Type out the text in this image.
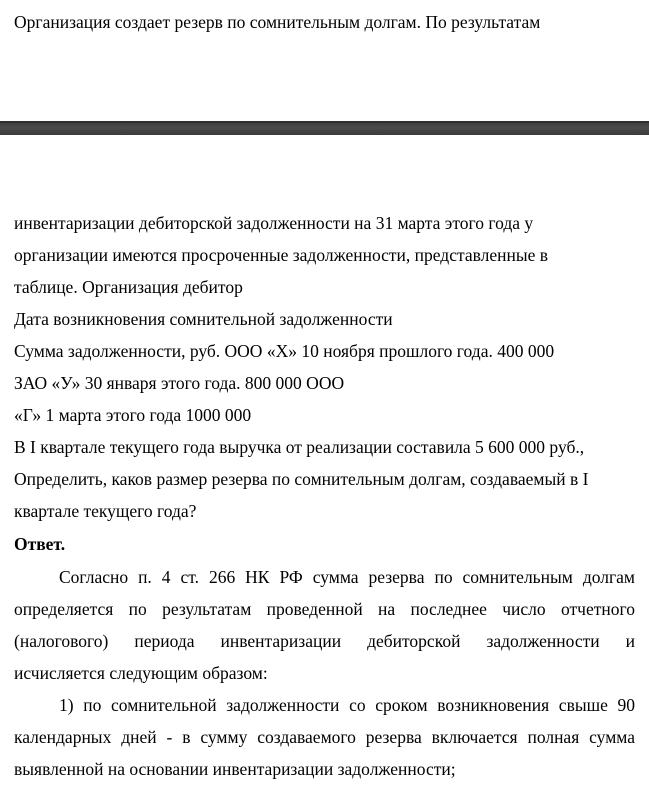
Организация создает резерв по сомнительным долгам. По результатам
инвентаризации дебиторской задолженности на 31 марта этого года у
организации имеются просроченные задолженности, представленные в
таблице. Организация дебитор
Дата возникновения сомнительной задолженности
Сумма задолженности, руб. ООО «Х» 10 ноября прошлого года. 400 000
ЗАО «У» 30 января этого года. 800 000 ООО
«Г» 1 марта этого года 1000 000
В I квартале текущего года выручка от реализации составила 5 600 000 руб.,
Определить, каков размер резерва по сомнительным долгам, создаваемый в I
квартале текущего года?
Ответ.
Согласно п. 4 ст. 266 НК РФ сумма резерва по сомнительным долгам
определяется по результатам проведенной на последнее число отчетного
(налогового) периода инвентаризации дебиторской задолженности и
исчисляется следующим образом:
1) по сомнительной задолженности со сроком возникновения свыше 90
календарных дней - в сумму создаваемого резерва включается полная сумма
выявленной на основании инвентаризации задолженности;
